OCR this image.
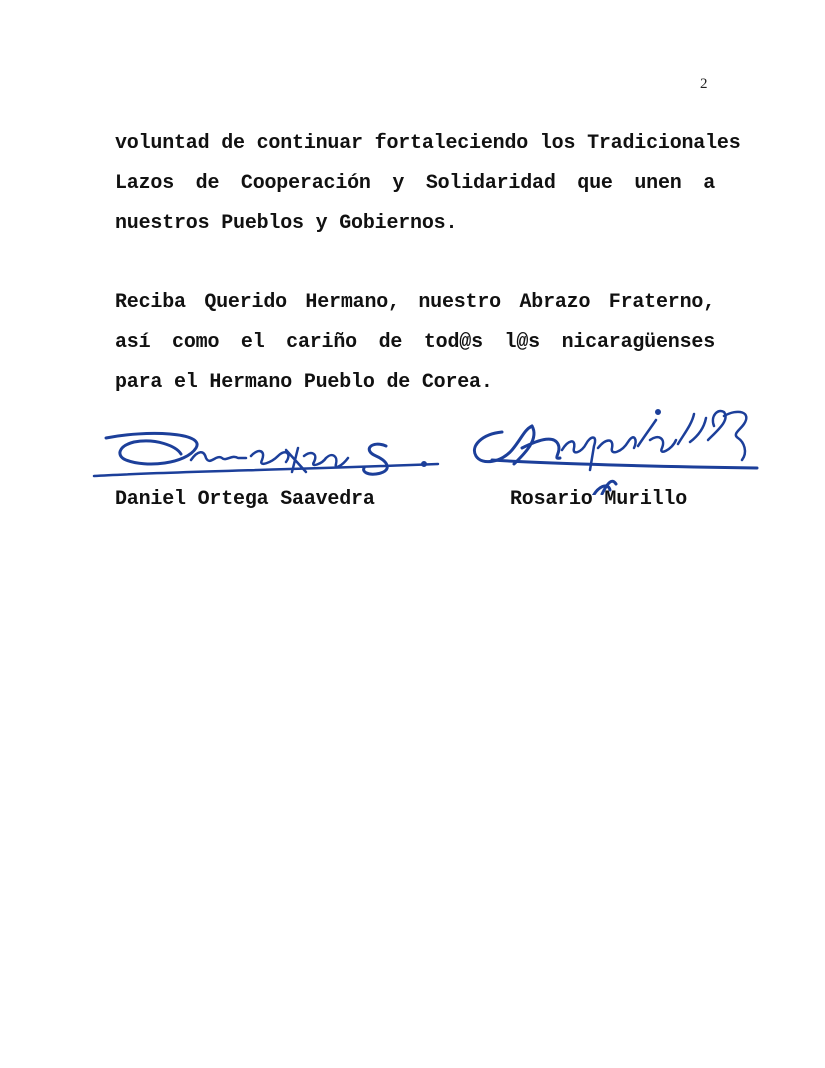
2
voluntad de continuar fortaleciendo los Tradicionales
Lazos de Cooperación y Solidaridad que unen a
nuestros Pueblos y Gobiernos.
Reciba Querido Hermano, nuestro Abrazo Fraterno,
así como el cariño de tod@s l@s nicaragüenses
para el Hermano Pueblo de Corea.
Daniel Ortega Saavedra	Rosario Murillo
